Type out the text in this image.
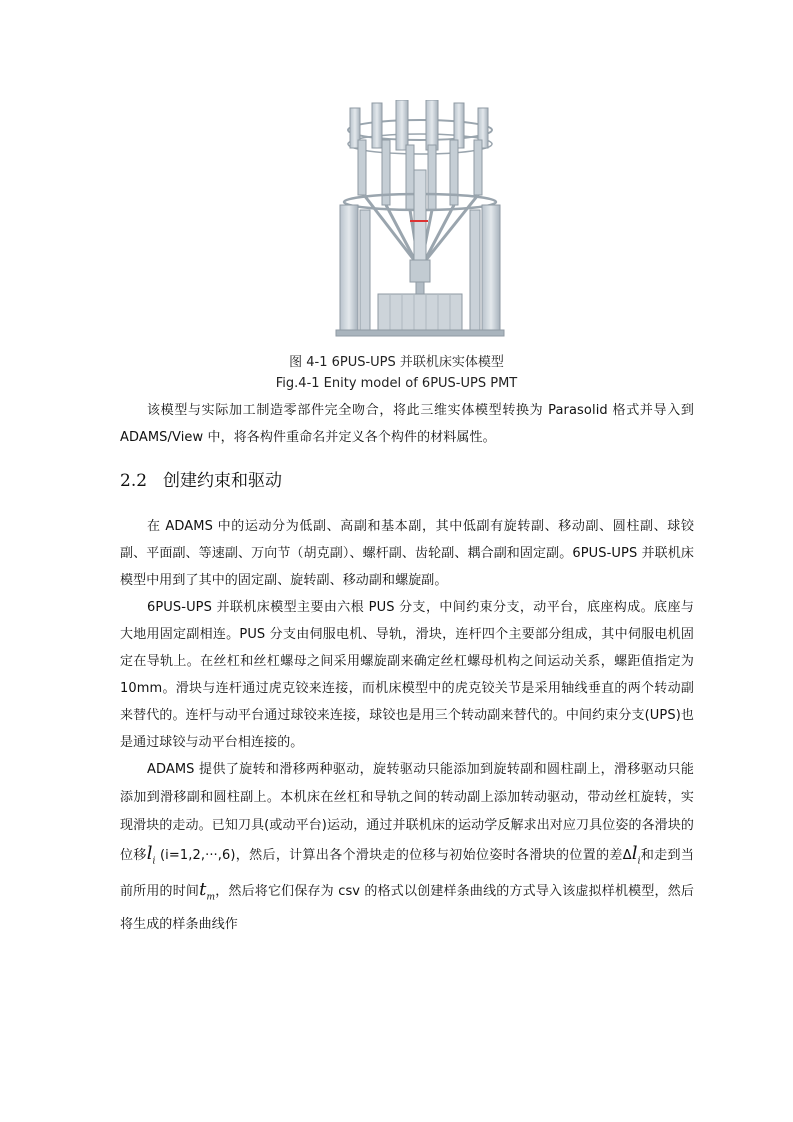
图 4-1 6PUS-UPS 并联机床实体模型
Fig.4-1 Enity model of 6PUS-UPS PMT

该模型与实际加工制造零部件完全吻合，将此三维实体模型转换为 Parasolid 格式并导入到 ADAMS/View 中，将各构件重命名并定义各个构件的材料属性。

2.2 创建约束和驱动

在 ADAMS 中的运动分为低副、高副和基本副，其中低副有旋转副、移动副、圆柱副、球铰副、平面副、等速副、万向节（胡克副）、螺杆副、齿轮副、耦合副和固定副。6PUS-UPS 并联机床模型中用到了其中的固定副、旋转副、移动副和螺旋副。

6PUS-UPS 并联机床模型主要由六根 PUS 分支，中间约束分支，动平台，底座构成。底座与大地用固定副相连。PUS 分支由伺服电机、导轨，滑块，连杆四个主要部分组成，其中伺服电机固定在导轨上。在丝杠和丝杠螺母之间采用螺旋副来确定丝杠螺母机构之间运动关系，螺距值指定为 10mm。滑块与连杆通过虎克铰来连接，而机床模型中的虎克铰关节是采用轴线垂直的两个转动副来替代的。连杆与动平台通过球铰来连接，球铰也是用三个转动副来替代的。中间约束分支(UPS)也是通过球铰与动平台相连接的。

ADAMS 提供了旋转和滑移两种驱动，旋转驱动只能添加到旋转副和圆柱副上，滑移驱动只能添加到滑移副和圆柱副上。本机床在丝杠和导轨之间的转动副上添加转动驱动，带动丝杠旋转，实现滑块的走动。已知刀具(或动平台)运动，通过并联机床的运动学反解求出对应刀具位姿的各滑块的位移$l_i$ (i=1,2,···,6)，然后，计算出各个滑块走的位移与初始位姿时各滑块的位置的差$\Delta l_i$和走到当前所用的时间$t_m$，然后将它们保存为 csv 的格式以创建样条曲线的方式导入该虚拟样机模型，然后将生成的样条曲线作
